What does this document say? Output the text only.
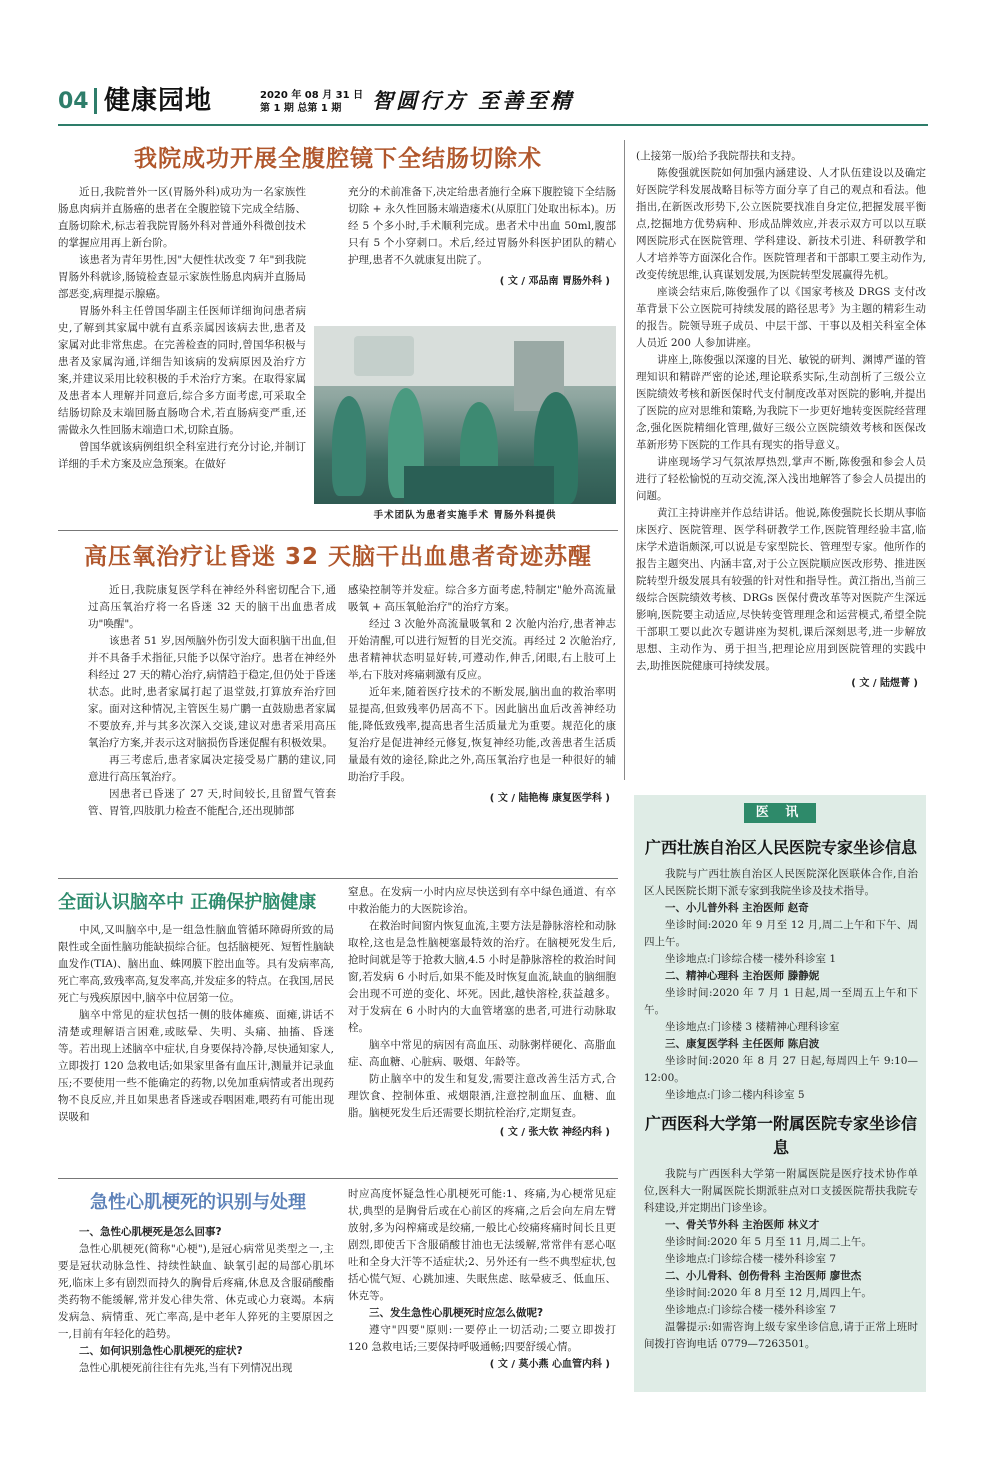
04 健康园地	2020 年 08 月 31 日
第 1 期 总第 1 期	智圆行方 至善至精
我院成功开展全腹腔镜下全结肠切除术

近日,我院普外一区(胃肠外科)成功为一名家族性肠息肉病并直肠癌的患者在全腹腔镜下完成全结肠、直肠切除术,标志着我院胃肠外科对普通外科微创技术的掌握应用再上新台阶。

该患者为青年男性,因"大便性状改变 7 年"到我院胃肠外科就诊,肠镜检查显示家族性肠息肉病并直肠局部恶变,病理提示腺癌。

胃肠外科主任曾国华副主任医师详细询问患者病史,了解到其家属中就有直系亲属因该病去世,患者及家属对此非常焦虑。在完善检查的同时,曾国华积极与患者及家属沟通,详细告知该病的发病原因及治疗方案,并建议采用比较积极的手术治疗方案。在取得家属及患者本人理解并同意后,综合多方面考虑,可采取全结肠切除及末端回肠直肠吻合术,若直肠病变严重,还需做永久性回肠末端造口术,切除直肠。

曾国华就该病例组织全科室进行充分讨论,并制订详细的手术方案及应急预案。在做好

充分的术前准备下,决定给患者施行全麻下腹腔镜下全结肠切除 + 永久性回肠末端造瘘术(从原肛门处取出标本)。历经 5 个多小时,手术顺利完成。患者术中出血 50ml,腹部只有 5 个小穿刺口。术后,经过胃肠外科医护团队的精心护理,患者不久就康复出院了。

( 文 / 邓品南 胃肠外科 )
手术团队为患者实施手术 胃肠外科提供
高压氧治疗让昏迷 32 天脑干出血患者奇迹苏醒

近日,我院康复医学科在神经外科密切配合下,通过高压氧治疗将一名昏迷 32 天的脑干出血患者成功"唤醒"。

该患者 51 岁,因颅脑外伤引发大面积脑干出血,但并不具备手术指征,只能予以保守治疗。患者在神经外科经过 27 天的精心治疗,病情趋于稳定,但仍处于昏迷状态。此时,患者家属打起了退堂鼓,打算放弃治疗回家。面对这种情况,主管医生易广鹏一直鼓励患者家属不要放弃,并与其多次深入交谈,建议对患者采用高压氧治疗方案,并表示这对脑损伤昏迷促醒有积极效果。

再三考虑后,患者家属决定接受易广鹏的建议,同意进行高压氧治疗。

因患者已昏迷了 27 天,时间较长,且留置气管套管、胃管,四肢肌力检查不能配合,还出现肺部

感染控制等并发症。综合多方面考虑,特制定"舱外高流量吸氧 + 高压氧舱治疗"的治疗方案。

经过 3 次舱外高流量吸氧和 2 次舱内治疗,患者神志开始清醒,可以进行短暂的目光交流。再经过 2 次舱治疗,患者精神状态明显好转,可遵动作,伸舌,闭眼,右上肢可上举,右下肢对疼痛刺激有反应。

近年来,随着医疗技术的不断发展,脑出血的救治率明显提高,但致残率仍居高不下。因此脑出血后改善神经功能,降低致残率,提高患者生活质量尤为重要。规范化的康复治疗是促进神经元修复,恢复神经功能,改善患者生活质量最有效的途径,除此之外,高压氧治疗也是一种很好的辅助治疗手段。

( 文 / 陆艳梅 康复医学科 )
全面认识脑卒中 正确保护脑健康

中风,又叫脑卒中,是一组急性脑血管循环障碍所致的局限性或全面性脑功能缺损综合征。包括脑梗死、短暂性脑缺血发作(TIA)、脑出血、蛛网膜下腔出血等。具有发病率高,死亡率高,致残率高,复发率高,并发症多的特点。在我国,居民死亡与残疾原因中,脑卒中位居第一位。

脑卒中常见的症状包括一侧的肢体瘫痪、面瘫,讲话不清楚或理解语言困难,或眩晕、失明、头痛、抽搐、昏迷等。若出现上述脑卒中症状,自身要保持冷静,尽快通知家人,立即拨打 120 急救电话;如果家里备有血压计,测量并记录血压;不要使用一些不能确定的药物,以免加重病情或者出现药物不良反应,并且如果患者昏迷或吞咽困难,喂药有可能出现误吸和

窒息。在发病一小时内应尽快送到有卒中绿色通道、有卒中救治能力的大医院诊治。

在救治时间窗内恢复血流,主要方法是静脉溶栓和动脉取栓,这也是急性脑梗塞最特效的治疗。在脑梗死发生后,抢时间就是等于抢救大脑,4.5 小时是静脉溶栓的救治时间窗,若发病 6 小时后,如果不能及时恢复血流,缺血的脑细胞会出现不可逆的变化、坏死。因此,越快溶栓,获益越多。对于发病在 6 小时内的大血管堵塞的患者,可进行动脉取栓。

脑卒中常见的病因有高血压、动脉粥样硬化、高脂血症、高血糖、心脏病、吸烟、年龄等。

防止脑卒中的发生和复发,需要注意改善生活方式,合理饮食、控制体重、戒烟限酒,注意控制血压、血糖、血脂。脑梗死发生后还需要长期抗栓治疗,定期复查。

( 文 / 张大钦 神经内科 )
急性心肌梗死的识别与处理
一、急性心肌梗死是怎么回事?

急性心肌梗死(简称"心梗"),是冠心病常见类型之一,主要是冠状动脉急性、持续性缺血、缺氧引起的局部心肌坏死,临床上多有剧烈而持久的胸骨后疼痛,休息及含服硝酸酯类药物不能缓解,常并发心律失常、休克或心力衰竭。本病发病急、病情重、死亡率高,是中老年人猝死的主要原因之一,目前有年轻化的趋势。

二、如何识别急性心肌梗死的症状?

急性心肌梗死前往往有先兆,当有下列情况出现

时应高度怀疑急性心肌梗死可能:1、疼痛,为心梗常见症状,典型的是胸骨后或在心前区的疼痛,之后会向左肩左臂放射,多为闷榨痛或是绞痛,一般比心绞痛疼痛时间长且更剧烈,即使舌下含服硝酸甘油也无法缓解,常常伴有恶心呕吐和全身大汗等不适症状;2、另外还有一些不典型症状,包括心慌气短、心跳加速、失眠焦虑、眩晕疲乏、低血压、休克等。

三、发生急性心肌梗死时应怎么做呢?

遵守"四要"原则:一要停止一切活动;二要立即拨打 120 急救电话;三要保持呼吸通畅;四要舒缓心情。

( 文 / 莫小燕 心血管内科 )

(上接第一版)给予我院帮扶和支持。

陈俊强就医院如何加强内涵建设、人才队伍建设以及确定好医院学科发展战略目标等方面分享了自己的观点和看法。他指出,在新医改形势下,公立医院要找准自身定位,把握发展平衡点,挖掘地方优势病种、形成品牌效应,并表示双方可以以互联网医院形式在医院管理、学科建设、新技术引进、科研教学和人才培养等方面深化合作。医院管理者和干部职工要主动作为,改变传统思维,认真谋划发展,为医院转型发展赢得先机。

座谈会结束后,陈俊强作了以《国家考核及 DRGS 支付改革背景下公立医院可持续发展的路径思考》为主题的精彩生动的报告。院领导班子成员、中层干部、干事以及相关科室全体人员近 200 人参加讲座。

讲座上,陈俊强以深邃的目光、敏锐的研判、渊博严谨的管理知识和精辟严密的论述,理论联系实际,生动剖析了三级公立医院绩效考核和新医保时代支付制度改革对医院的影响,并提出了医院的应对思维和策略,为我院下一步更好地转变医院经营理念,强化医院精细化管理,做好三级公立医院绩效考核和医保改革新形势下医院的工作具有现实的指导意义。

讲座现场学习气氛浓厚热烈,掌声不断,陈俊强和参会人员进行了轻松愉悦的互动交流,深入浅出地解答了参会人员提出的问题。

黄江主持讲座并作总结讲话。他说,陈俊强院长长期从事临床医疗、医院管理、医学科研教学工作,医院管理经验丰富,临床学术造诣颇深,可以说是专家型院长、管理型专家。他所作的报告主题突出、内涵丰富,对于公立医院顺应医改形势、推进医院转型升级发展具有较强的针对性和指导性。黄江指出,当前三级综合医院绩效考核、DRGs 医保付费改革等对医院产生深远影响,医院要主动适应,尽快转变管理理念和运营模式,希望全院干部职工要以此次专题讲座为契机,课后深刻思考,进一步解放思想、主动作为、勇于担当,把理论应用到医院管理的实践中去,助推医院健康可持续发展。

( 文 / 陆煜菁 )
医 讯
广西壮族自治区人民医院专家坐诊信息

我院与广西壮族自治区人民医院深化医联体合作,自治区人民医院长期下派专家到我院坐诊及技术指导。

一、小儿普外科 主治医师 赵奇

坐诊时间:2020 年 9 月至 12 月,周二上午和下午、周四上午。

坐诊地点:门诊综合楼一楼外科诊室 1

二、精神心理科 主治医师 滕静妮

坐诊时间:2020 年 7 月 1 日起,周一至周五上午和下午。

坐诊地点:门诊楼 3 楼精神心理科诊室

三、康复医学科 主任医师 陈启波

坐诊时间:2020 年 8 月 27 日起,每周四上午 9:10—12:00。

坐诊地点:门诊二楼内科诊室 5

广西医科大学第一附属医院专家坐诊信息

我院与广西医科大学第一附属医院是医疗技术协作单位,医科大一附属医院长期派驻点对口支援医院帮扶我院专科建设,并定期出门诊坐诊。

一、骨关节外科 主治医师 林义才

坐诊时间:2020 年 5 月至 11 月,周二上午。

坐诊地点:门诊综合楼一楼外科诊室 7

二、小儿骨科、创伤骨科 主治医师 廖世杰

坐诊时间:2020 年 8 月至 12 月,周四上午。

坐诊地点:门诊综合楼一楼外科诊室 7

温馨提示:如需咨询上级专家坐诊信息,请于正常上班时间拨打咨询电话 0779—7263501。
